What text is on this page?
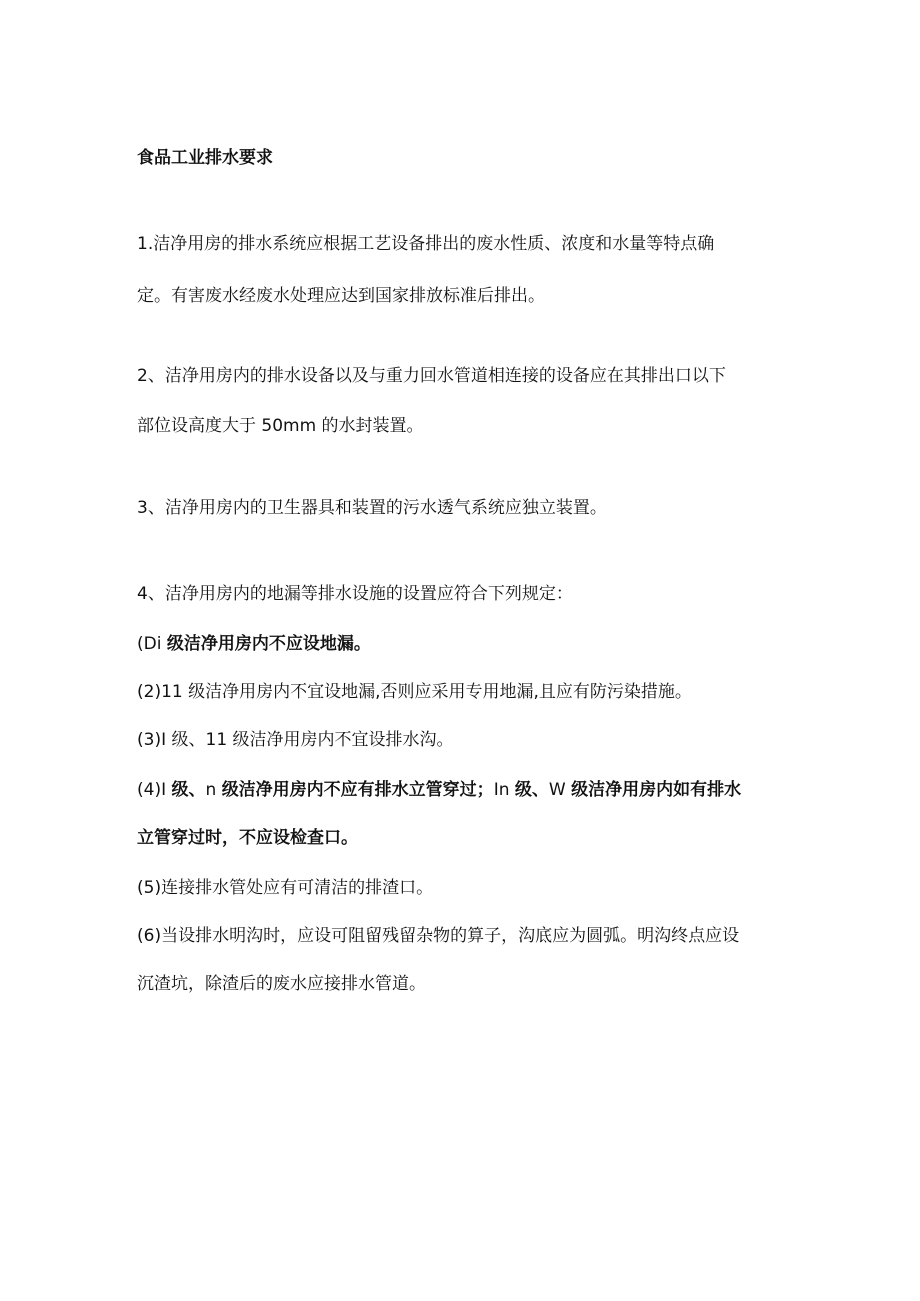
食品工业排水要求
1.洁净用房的排水系统应根据工艺设备排出的废水性质、浓度和水量等特点确
定。有害废水经废水处理应达到国家排放标准后排出。
2、洁净用房内的排水设备以及与重力回水管道相连接的设备应在其排出口以下
部位设高度大于 50mm 的水封装置。
3、洁净用房内的卫生器具和装置的污水透气系统应独立装置。
4、洁净用房内的地漏等排水设施的设置应符合下列规定：
(Di 级洁净用房内不应设地漏。
(2)11 级洁净用房内不宜设地漏,否则应采用专用地漏,且应有防污染措施。
(3)I 级、11 级洁净用房内不宜设排水沟。
(4)I 级、n 级洁净用房内不应有排水立管穿过；In 级、W 级洁净用房内如有排水
立管穿过时，不应设检查口。
(5)连接排水管处应有可清洁的排渣口。
(6)当设排水明沟时，应设可阻留残留杂物的算子，沟底应为圆弧。明沟终点应设
沉渣坑，除渣后的废水应接排水管道。
